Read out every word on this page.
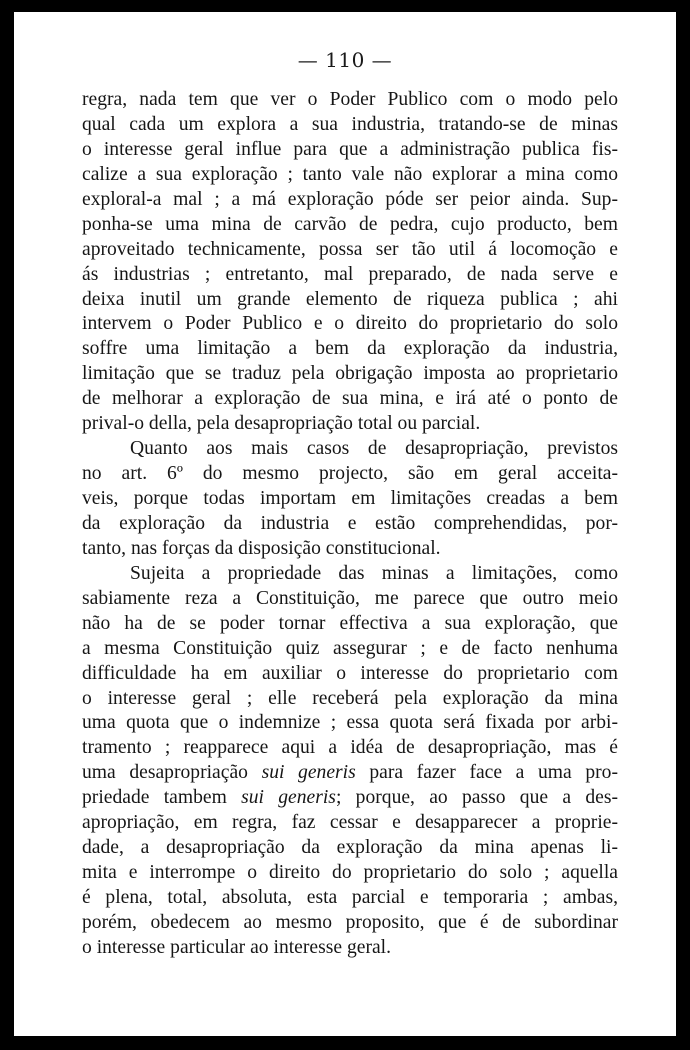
— 110 —
regra, nada tem que ver o Poder Publico com o modo pelo
qual cada um explora a sua industria, tratando-se de minas
o interesse geral influe para que a administração publica fis-
calize a sua exploração ; tanto vale não explorar a mina como
exploral-a mal ; a má exploração póde ser peior ainda. Sup-
ponha-se uma mina de carvão de pedra, cujo producto, bem
aproveitado technicamente, possa ser tão util á locomoção e
ás industrias ; entretanto, mal preparado, de nada serve e
deixa inutil um grande elemento de riqueza publica ; ahi
intervem o Poder Publico e o direito do proprietario do solo
soffre uma limitação a bem da exploração da industria,
limitação que se traduz pela obrigação imposta ao proprietario
de melhorar a exploração de sua mina, e irá até o ponto de
prival-o della, pela desapropriação total ou parcial.
Quanto aos mais casos de desapropriação, previstos
no art. 6º do mesmo projecto, são em geral acceita-
veis, porque todas importam em limitações creadas a bem
da exploração da industria e estão comprehendidas, por-
tanto, nas forças da disposição constitucional.
Sujeita a propriedade das minas a limitações, como
sabiamente reza a Constituição, me parece que outro meio
não ha de se poder tornar effectiva a sua exploração, que
a mesma Constituição quiz assegurar ; e de facto nenhuma
difficuldade ha em auxiliar o interesse do proprietario com
o interesse geral ; elle receberá pela exploração da mina
uma quota que o indemnize ; essa quota será fixada por arbi-
tramento ; reapparece aqui a idéa de desapropriação, mas é
uma desapropriação sui generis para fazer face a uma pro-
priedade tambem sui generis; porque, ao passo que a des-
apropriação, em regra, faz cessar e desapparecer a proprie-
dade, a desapropriação da exploração da mina apenas li-
mita e interrompe o direito do proprietario do solo ; aquella
é plena, total, absoluta, esta parcial e temporaria ; ambas,
porém, obedecem ao mesmo proposito, que é de subordinar
o interesse particular ao interesse geral.
